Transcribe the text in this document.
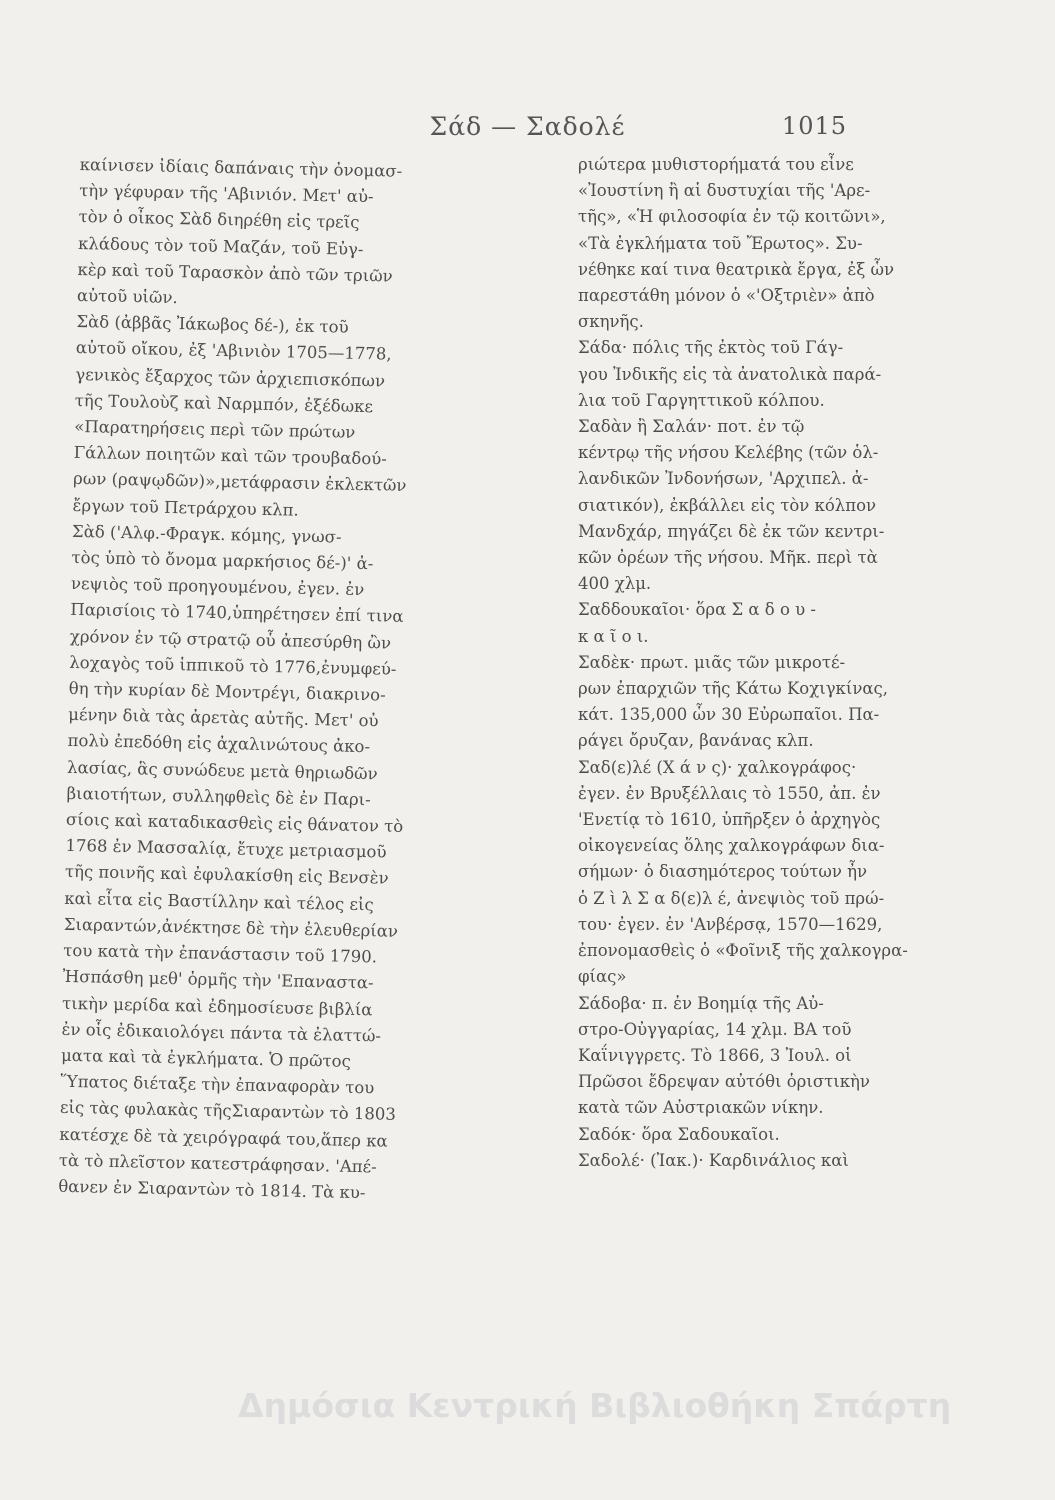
Σάδ — Σαδολέ	1015
καίνισεν ἰδίαις δαπάναις τὴν ὀνομασ-
τὴν γέφυραν τῆς 'Αβινιόν. Μετ' αὐ-
τὸν ὁ οἶκος Σὰδ διηρέθη εἰς τρεῖς
κλάδους τὸν τοῦ Μαζάν, τοῦ Εὐγ-
κὲρ καὶ τοῦ Ταρασκὸν ἀπὸ τῶν τριῶν
αὐτοῦ υἱῶν.
Σὰδ (ἀββᾶς Ἰάκωβος δέ-), ἐκ τοῦ
αὐτοῦ οἴκου, ἐξ 'Αβινιὸν 1705—1778,
γενικὸς ἔξαρχος τῶν ἀρχιεπισκόπων
τῆς Τουλοὺζ καὶ Ναρμπόν, ἐξέδωκε
«Παρατηρήσεις περὶ τῶν πρώτων
Γάλλων ποιητῶν καὶ τῶν τρουβαδού-
ρων (ραψῳδῶν)»,μετάφρασιν ἐκλεκτῶν
ἔργων τοῦ Πετράρχου κλπ.
Σὰδ ('Αλφ.-Φραγκ. κόμης, γνωσ-
τὸς ὑπὸ τὸ ὄνομα μαρκήσιος δέ-)' ἀ-
νεψιὸς τοῦ προηγουμένου, ἐγεν. ἐν
Παρισίοις τὸ 1740,ὑπηρέτησεν ἐπί τινα
χρόνον ἐν τῷ στρατῷ οὗ ἀπεσύρθη ὢν
λοχαγὸς τοῦ ἱππικοῦ τὸ 1776,ἐνυμφεύ-
θη τὴν κυρίαν δὲ Μοντρέγι, διακρινο-
μένην διὰ τὰς ἀρετὰς αὐτῆς. Μετ' οὐ
πολὺ ἐπεδόθη εἰς ἀχαλινώτους ἀκο-
λασίας, ἃς συνώδευε μετὰ θηριωδῶν
βιαιοτήτων, συλληφθεὶς δὲ ἐν Παρι-
σίοις καὶ καταδικασθεὶς εἰς θάνατον τὸ
1768 ἐν Μασσαλίᾳ, ἔτυχε μετριασμοῦ
τῆς ποινῆς καὶ ἐφυλακίσθη εἰς Βενσὲν
καὶ εἶτα εἰς Βαστίλλην καὶ τέλος εἰς
Σιαραντών,ἀνέκτησε δὲ τὴν ἐλευθερίαν
του κατὰ τὴν ἐπανάστασιν τοῦ 1790.
Ἠσπάσθη μεθ' ὁρμῆς τὴν 'Επαναστα-
τικὴν μερίδα καὶ ἐδημοσίευσε βιβλία
ἐν οἷς ἐδικαιολόγει πάντα τὰ ἐλαττώ-
ματα καὶ τὰ ἐγκλήματα. Ὁ πρῶτος
Ὕπατος διέταξε τὴν ἐπαναφορὰν του
εἰς τὰς φυλακὰς τῆςΣιαραντὼν τὸ 1803
κατέσχε δὲ τὰ χειρόγραφά του,ἅπερ κα
τὰ τὸ πλεῖστον κατεστράφησαν. 'Απέ-
θανεν ἐν Σιαραντὼν τὸ 1814. Τὰ κυ-
ριώτερα μυθιστορήματά του εἶνε
«Ἰουστίνη ἢ αἱ δυστυχίαι τῆς 'Αρε-
τῆς», «Ἡ φιλοσοφία ἐν τῷ κοιτῶνι»,
«Τὰ ἐγκλήματα τοῦ Ἔρωτος». Συ-
νέθηκε καί τινα θεατρικὰ ἔργα, ἐξ ὧν
παρεστάθη μόνον ὁ «'Οξτριὲν» ἀπὸ
σκηνῆς.
Σάδα· πόλις τῆς ἐκτὸς τοῦ Γάγ-
γου Ἰνδικῆς εἰς τὰ ἀνατολικὰ παρά-
λια τοῦ Γαργηττικοῦ κόλπου.
Σαδὰν ἢ Σαλάν· ποτ. ἐν τῷ
κέντρῳ τῆς νήσου Κελέβης (τῶν ὁλ-
λανδικῶν Ἰνδονήσων, 'Αρχιπελ. ἀ-
σιατικόν), ἐκβάλλει εἰς τὸν κόλπον
Μανδχάρ, πηγάζει δὲ ἐκ τῶν κεντρι-
κῶν ὀρέων τῆς νήσου. Μῆκ. περὶ τὰ
400 χλμ.
Σαδδουκαῖοι· ὅρα Σ α δ ο υ -
κ α ῖ ο ι.
Σαδὲκ· πρωτ. μιᾶς τῶν μικροτέ-
ρων ἐπαρχιῶν τῆς Κάτω Κοχιγκίνας,
κάτ. 135,000 ὧν 30 Εὐρωπαῖοι. Πα-
ράγει ὄρυζαν, βανάνας κλπ.
Σαδ(ε)λέ (Χ ά ν ς)· χαλκογράφος·
ἐγεν. ἐν Βρυξέλλαις τὸ 1550, ἀπ. ἐν
'Ενετίᾳ τὸ 1610, ὑπῆρξεν ὁ ἀρχηγὸς
οἰκογενείας ὅλης χαλκογράφων δια-
σήμων· ὁ διασημότερος τούτων ἦν
ὁ Ζ ὶ λ Σ α δ(ε)λ έ, ἀνεψιὸς τοῦ πρώ-
του· ἐγεν. ἐν 'Ανβέρσᾳ, 1570—1629,
ἐπονομασθεὶς ὁ «Φοῖνιξ τῆς χαλκογρα-
φίας»
Σάδοβα· π. ἐν Βοημίᾳ τῆς Αὐ-
στρο-Οὐγγαρίας, 14 χλμ. ΒΑ τοῦ
Καΐνιγγρετς. Τὸ 1866, 3 Ἰουλ. οἱ
Πρῶσοι ἔδρεψαν αὐτόθι ὁριστικὴν
κατὰ τῶν Αὐστριακῶν νίκην.
Σαδόκ· ὅρα Σαδουκαῖοι.
Σαδολέ· (Ἰακ.)· Καρδινάλιος καὶ
Δημόσια Κεντρική Βιβλιοθήκη Σπάρτη
